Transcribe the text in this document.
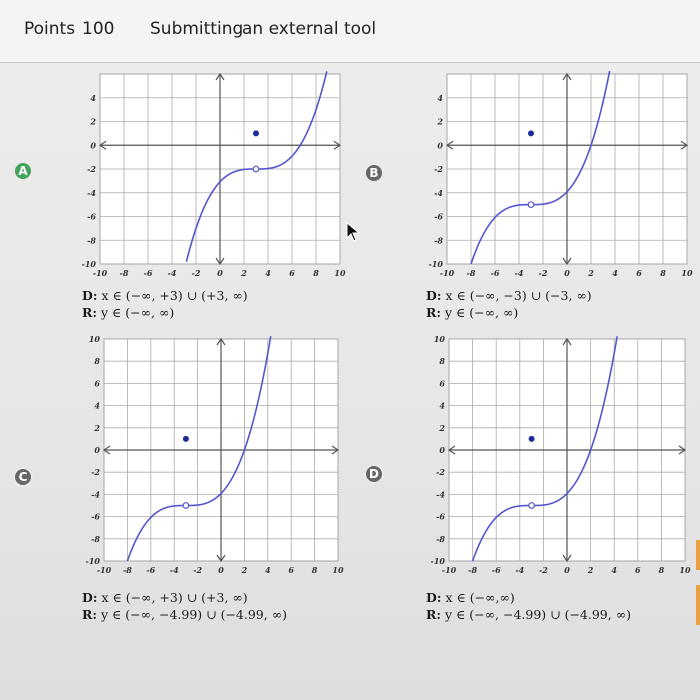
Points 100 Submitting
an external tool
A	B
C	D
4
2
0
-2
-4
-6
-8
-10
-10 -8 -6 -4 -2 0 2 4 6 8 10
4
2
0
-2
-4
-6
-8
-10
-10 -8 -6 -4 -2 0 2 4 6 8 10
10
8
6
4
2
0
-2
-4
-6
-8
-10
-10 -8 -6 -4 -2 0 2 4 6 8 10
10
8
6
4
2
0
-2
-4
-6
-8
-10
-10 -8 -6 -4 -2 0 2 4 6 8 10
D: x ∈ (−∞, +3) ∪ (+3, ∞)
R: y ∈ (−∞, ∞)
D: x ∈ (−∞, −3) ∪ (−3, ∞)
R: y ∈ (−∞, ∞)
D: x ∈ (−∞, +3) ∪ (+3, ∞)
R: y ∈ (−∞, −4.99) ∪ (−4.99, ∞)
D: x ∈ (−∞,∞)
R: y ∈ (−∞, −4.99) ∪ (−4.99, ∞)
